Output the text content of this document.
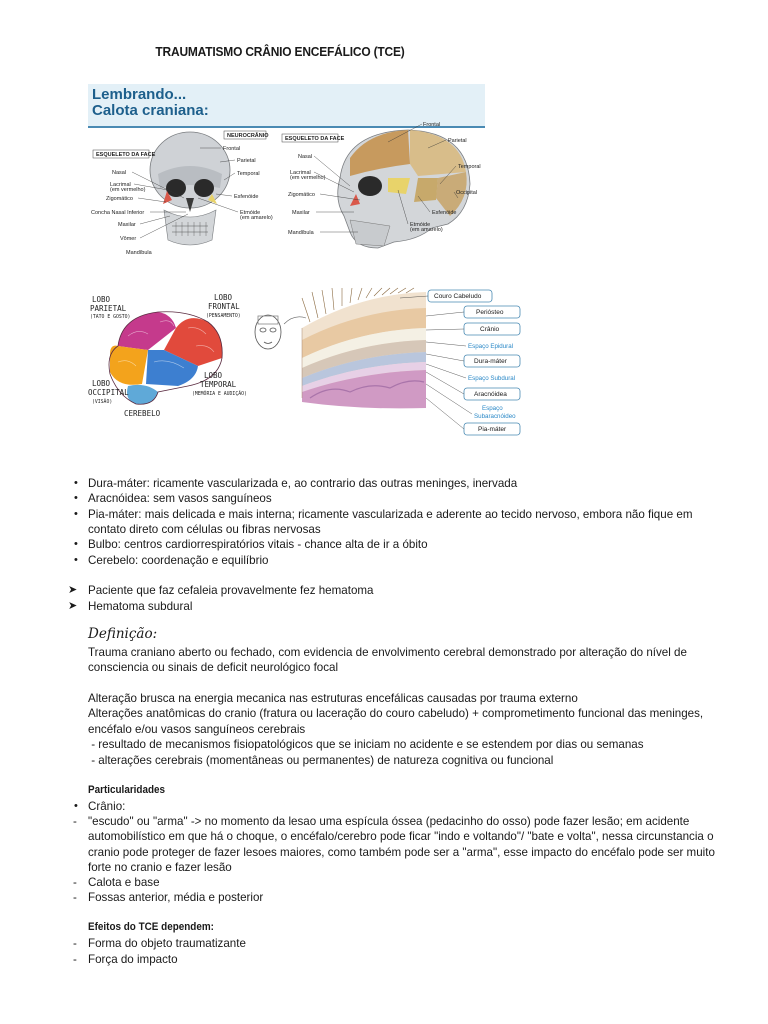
TRAUMATISMO CRÂNIO ENCEFÁLICO (TCE)
Lembrando...
Calota craniana:
ESQUELETO DA FACE
NEUROCRÂNIO
Nasal
Lacrimal
(em vermelho)
Zigomático
Concha Nasal Inferior
Maxilar
Vômer
Mandíbula
Frontal
Parietal
Temporal
Esfenóide
Etmóide
(em amarelo)
ESQUELETO DA FACE
Nasal
Lacrimal
(em vermelho)
Zigomático
Maxilar
Mandíbula
Frontal
Parietal
Temporal
Occipital
Esfenóide
Etmóide
(em amarelo)
LOBO
PARIETAL
(TATO E GOSTO)
LOBO
FRONTAL
(PENSAMENTO)
LOBO
OCCIPITAL
(VISÃO)
LOBO
TEMPORAL
(MEMÓRIA E AUDIÇÃO)
CEREBELO
Couro Cabeludo
Periósteo
Crânio
Espaço Epidural
Dura-máter
Espaço Subdural
Aracnóidea
Espaço
Subaracnóideo
Pia-máter
• Dura-máter: ricamente vascularizada e, ao contrario das outras meninges, inervada
• Aracnóidea: sem vasos sanguíneos
• Pia-máter: mais delicada e mais interna; ricamente vascularizada e aderente ao tecido nervoso, embora não fique em
contato direto com células ou fibras nervosas
• Bulbo: centros cardiorrespiratórios vitais - chance alta de ir a óbito
• Cerebelo: coordenação e equilíbrio
➤ Paciente que faz cefaleia provavelmente fez hematoma
➤ Hematoma subdural
Definição:
Trauma craniano aberto ou fechado, com evidencia de envolvimento cerebral demonstrado por alteração do nível de
consciencia ou sinais de deficit neurológico focal
Alteração brusca na energia mecanica nas estruturas encefálicas causadas por trauma externo
Alterações anatômicas do cranio (fratura ou laceração do couro cabeludo) + comprometimento funcional das meninges,
encéfalo e/ou vasos sanguíneos cerebrais
- resultado de mecanismos fisiopatológicos que se iniciam no acidente e se estendem por dias ou semanas
- alterações cerebrais (momentâneas ou permanentes) de natureza cognitiva ou funcional
Particularidades
• Crânio:
- "escudo" ou "arma" -> no momento da lesao uma espícula óssea (pedacinho do osso) pode fazer lesão; em acidente
automobilístico em que há o choque, o encéfalo/cerebro pode ficar "indo e voltando"/ "bate e volta", nessa circunstancia o
cranio pode proteger de fazer lesoes maiores, como também pode ser a "arma", esse impacto do encéfalo pode ser muito
forte no cranio e fazer lesão
- Calota e base
- Fossas anterior, média e posterior
Efeitos do TCE dependem:
- Forma do objeto traumatizante
- Força do impacto
